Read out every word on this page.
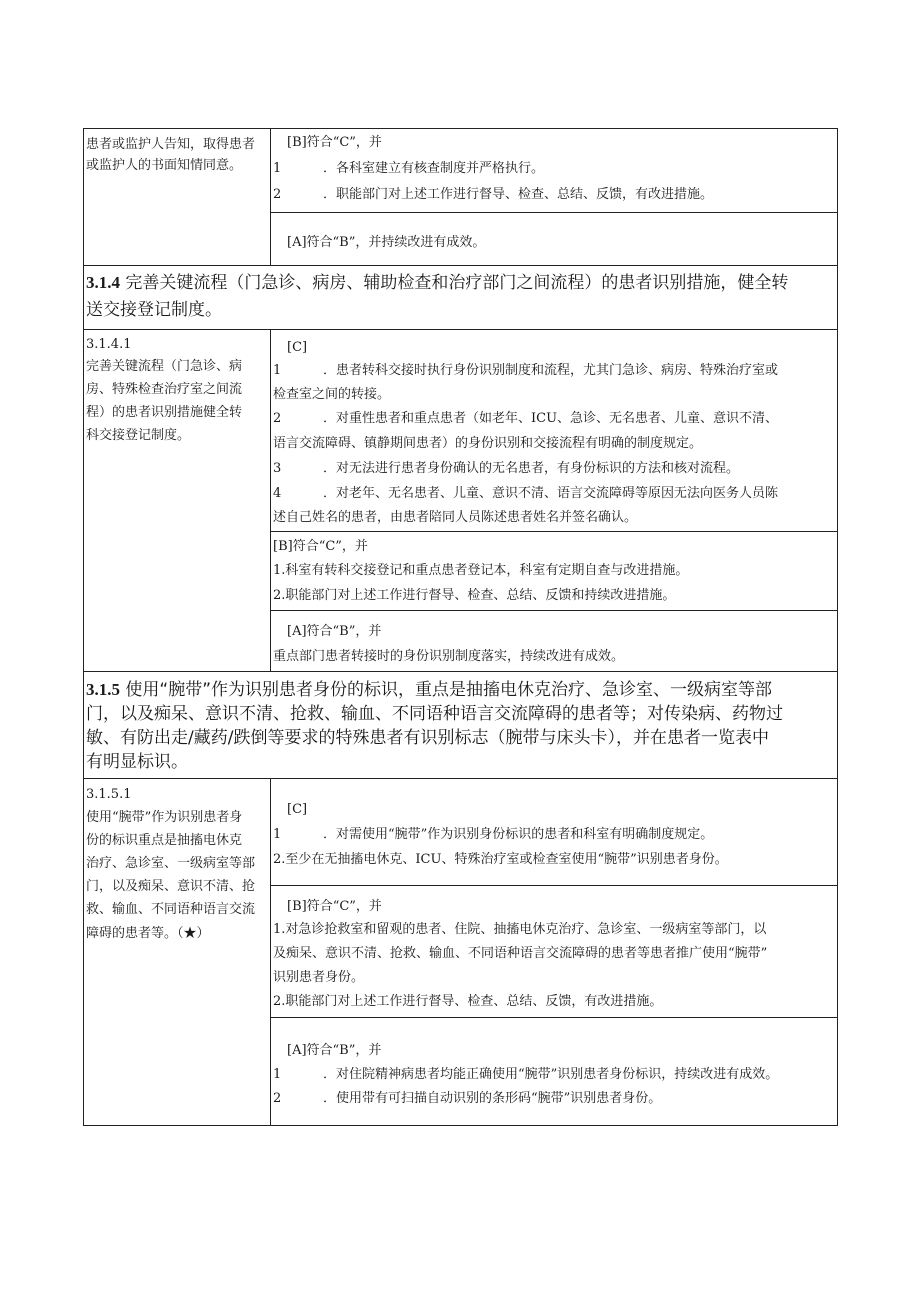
患者或监护人告知，取得患者
或监护人的书面知情同意。
[B]符合“C”，并
1	．各科室建立有核查制度并严格执行。
2	．职能部门对上述工作进行督导、检查、总结、反馈，有改进措施。
[A]符合“B”，并持续改进有成效。
3.1.4 完善关键流程（门急诊、病房、辅助检查和治疗部门之间流程）的患者识别措施，健全转
送交接登记制度。
3.1.4.1
完善关键流程（门急诊、病
房、特殊检查治疗室之间流
程）的患者识别措施健全转
科交接登记制度。
[C]
1	．患者转科交接时执行身份识别制度和流程，尤其门急诊、病房、特殊治疗室或
检查室之间的转接。
2	．对重性患者和重点患者（如老年、ICU、急诊、无名患者、儿童、意识不清、
语言交流障碍、镇静期间患者）的身份识别和交接流程有明确的制度规定。
3	．对无法进行患者身份确认的无名患者，有身份标识的方法和核对流程。
4	．对老年、无名患者、儿童、意识不清、语言交流障碍等原因无法向医务人员陈
述自己姓名的患者，由患者陪同人员陈述患者姓名并签名确认。
[B]符合“C”，并
1.科室有转科交接登记和重点患者登记本，科室有定期自查与改进措施。
2.职能部门对上述工作进行督导、检查、总结、反馈和持续改进措施。
[A]符合“B”，并
重点部门患者转接时的身份识别制度落实，持续改进有成效。
3.1.5 使用“腕带”作为识别患者身份的标识，重点是抽搐电休克治疗、急诊室、一级病室等部
门，以及痴呆、意识不清、抢救、输血、不同语种语言交流障碍的患者等；对传染病、药物过
敏、有防出走/藏药/跌倒等要求的特殊患者有识别标志（腕带与床头卡），并在患者一览表中
有明显标识。
3.1.5.1
使用“腕带”作为识别患者身
份的标识重点是抽搐电休克
治疗、急诊室、一级病室等部
门，以及痴呆、意识不清、抢
救、输血、不同语种语言交流
障碍的患者等。（★）
[C]
1	．对需使用“腕带”作为识别身份标识的患者和科室有明确制度规定。
2.至少在无抽搐电休克、ICU、特殊治疗室或检查室使用“腕带”识别患者身份。
[B]符合“C”，并
1.对急诊抢救室和留观的患者、住院、抽搐电休克治疗、急诊室、一级病室等部门，以
及痴呆、意识不清、抢救、输血、不同语种语言交流障碍的患者等患者推广使用“腕带”
识别患者身份。
2.职能部门对上述工作进行督导、检查、总结、反馈，有改进措施。
[A]符合“B”，并
1	．对住院精神病患者均能正确使用“腕带”识别患者身份标识，持续改进有成效。
2	．使用带有可扫描自动识别的条形码“腕带”识别患者身份。
